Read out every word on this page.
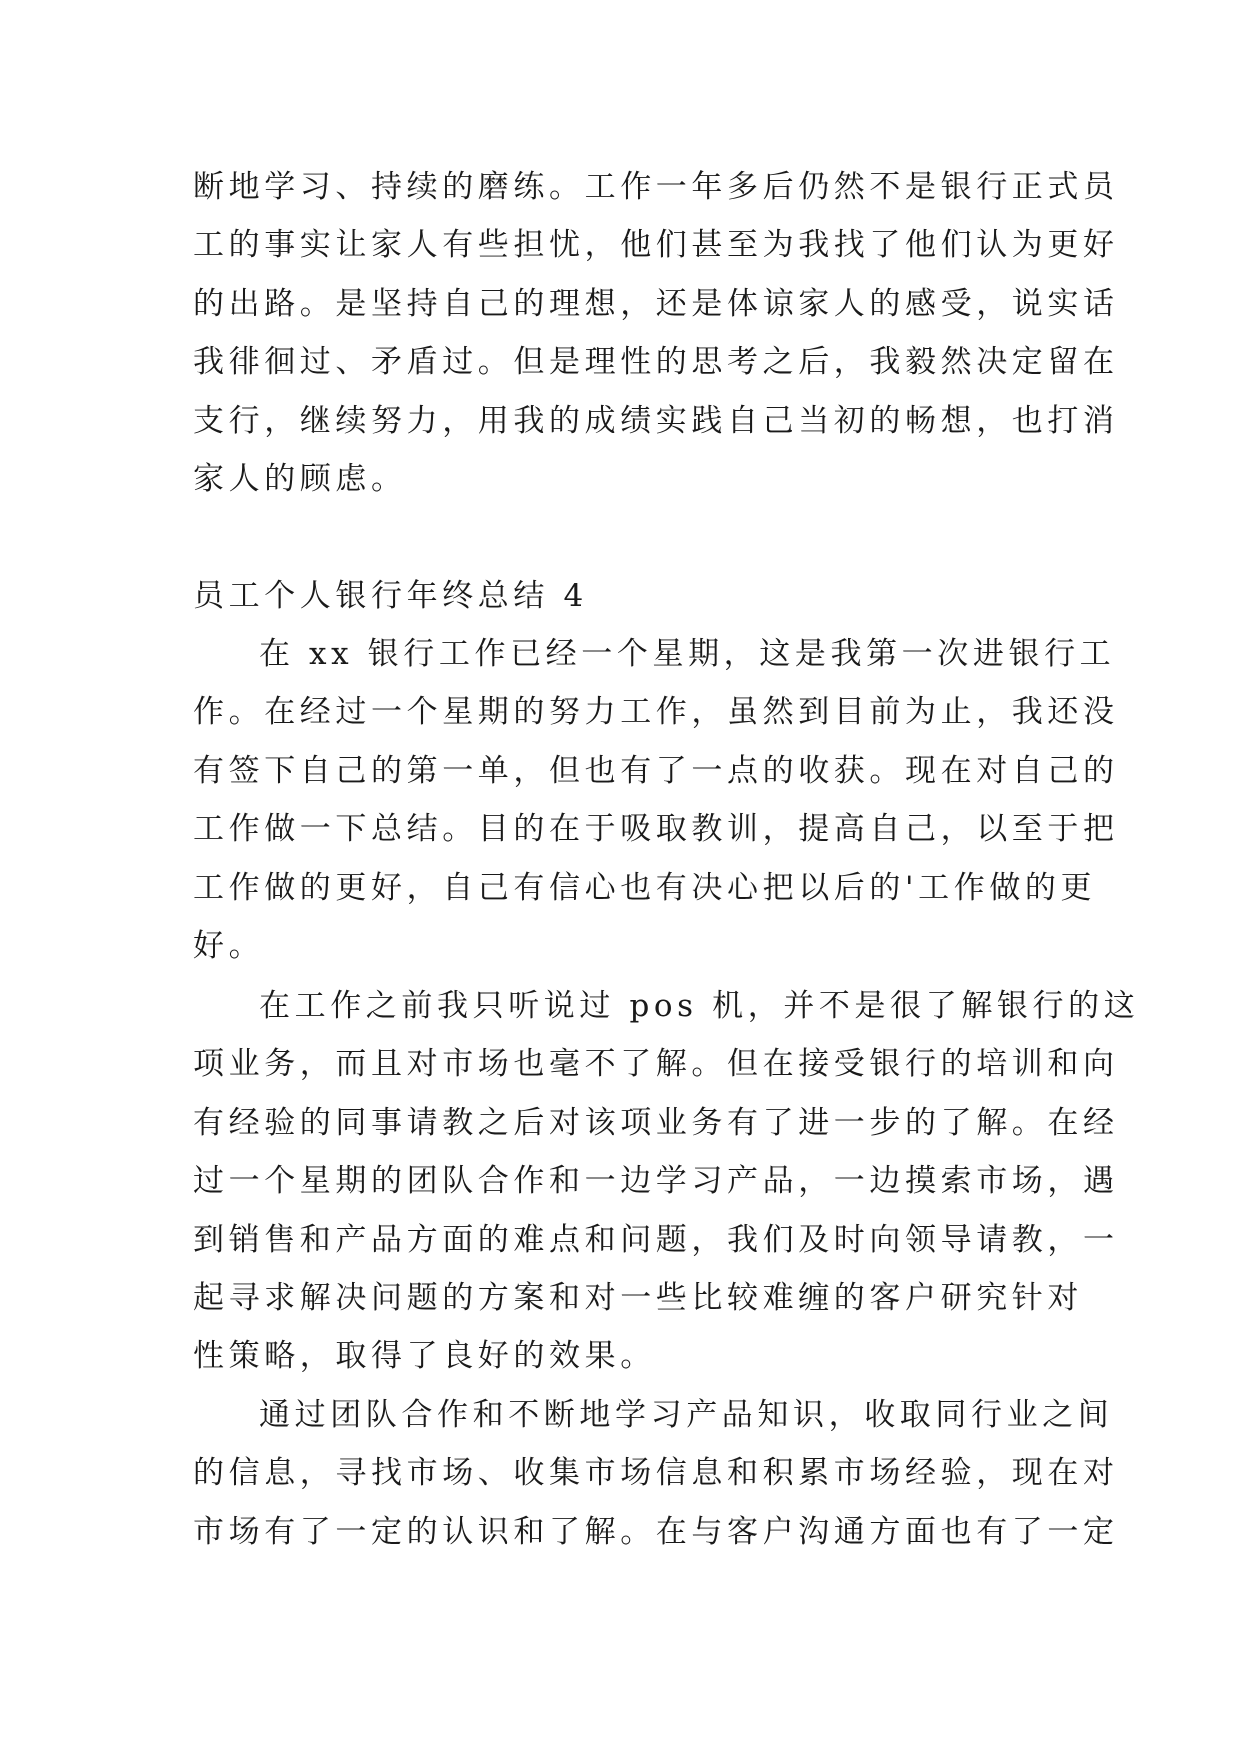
断地学习、持续的磨练。工作一年多后仍然不是银行正式员
工的事实让家人有些担忧，他们甚至为我找了他们认为更好
的出路。是坚持自己的理想，还是体谅家人的感受，说实话
我徘徊过、矛盾过。但是理性的思考之后，我毅然决定留在
支行，继续努力，用我的成绩实践自己当初的畅想，也打消
家人的顾虑。
员工个人银行年终总结 4
在 xx 银行工作已经一个星期，这是我第一次进银行工
作。在经过一个星期的努力工作，虽然到目前为止，我还没
有签下自己的第一单，但也有了一点的收获。现在对自己的
工作做一下总结。目的在于吸取教训，提高自己，以至于把
工作做的更好，自己有信心也有决心把以后的'工作做的更
好。
在工作之前我只听说过 pos 机，并不是很了解银行的这
项业务，而且对市场也毫不了解。但在接受银行的培训和向
有经验的同事请教之后对该项业务有了进一步的了解。在经
过一个星期的团队合作和一边学习产品，一边摸索市场，遇
到销售和产品方面的难点和问题，我们及时向领导请教，一
起寻求解决问题的方案和对一些比较难缠的客户研究针对
性策略，取得了良好的效果。
通过团队合作和不断地学习产品知识，收取同行业之间
的信息，寻找市场、收集市场信息和积累市场经验，现在对
市场有了一定的认识和了解。在与客户沟通方面也有了一定
